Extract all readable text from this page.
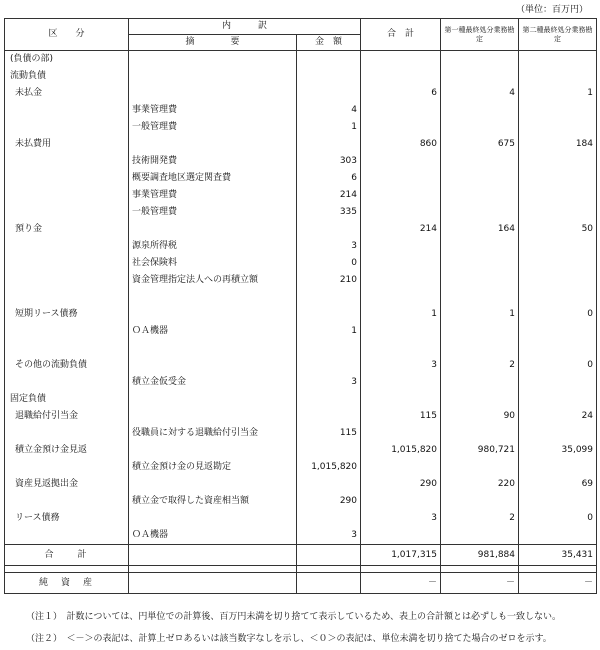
（単位：百万円）
区　　分	内　　　訳		合　計	第一種最終処分業務勘定	第二種最終処分業務勘定
	摘　　　　要	金　額			
(負債の部)					
流動負債					
未払金			6	4	1
	事業管理費	4			
	一般管理費	1			
未払費用			860	675	184
	技術開発費	303			
	概要調査地区選定関査費	6			
	事業管理費	214			
	一般管理費	335			
預り金			214	164	50
	源泉所得税	3			
	社会保険料	0			
	資金管理指定法人への再積立額	210			

短期リース債務			1	1	0
	ＯＡ機器	1			

その他の流動負債			3	2	0
	積立金仮受金	3			
固定負債					
退職給付引当金			115	90	24
	役職員に対する退職給付引当金	115			
積立金預け金見返			1,015,820	980,721	35,099
	積立金預け金の見返勘定	1,015,820			
資産見返拠出金			290	220	69
	積立金で取得した資産相当額	290			
リース債務			3	2	0
	ＯＡ機器	3			
合　　計			1,017,315	981,884	35,431

純　資　産			－	－	－
（注１）　計数については、円単位での計算後、百万円未満を切り捨てて表示しているため、表上の合計額とは必ずしも一致しない。
（注２）　＜－＞の表記は、計算上ゼロあるいは該当数字なしを示し、＜０＞の表記は、単位未満を切り捨てた場合のゼロを示す。
